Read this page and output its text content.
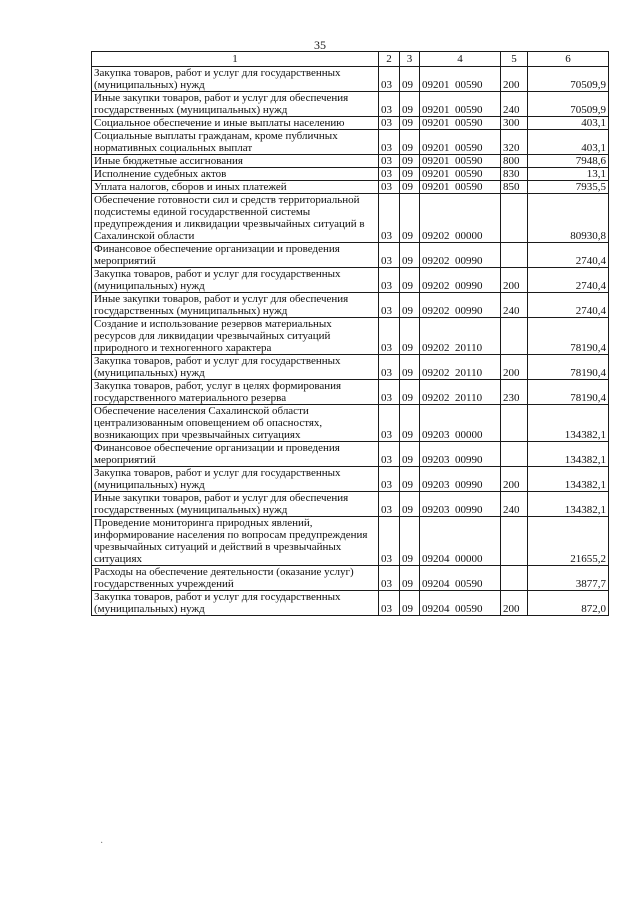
35
1	2	3	4	5	6
Закупка товаров, работ и услуг для государственных (муниципальных) нужд	03	09	09201  00590	200	70509,9
Иные закупки товаров, работ и услуг для обеспечения государственных (муниципальных) нужд	03	09	09201  00590	240	70509,9
Социальное обеспечение и иные выплаты населению	03	09	09201  00590	300	403,1
Социальные выплаты гражданам, кроме публичных нормативных социальных выплат	03	09	09201  00590	320	403,1
Иные бюджетные ассигнования	03	09	09201  00590	800	7948,6
Исполнение судебных актов	03	09	09201  00590	830	13,1
Уплата налогов, сборов и иных платежей	03	09	09201  00590	850	7935,5
Обеспечение готовности сил и средств территориальной подсистемы единой государственной системы предупреждения и ликвидации чрезвычайных ситуаций в Сахалинской области	03	09	09202  00000		80930,8
Финансовое обеспечение организации и проведения мероприятий	03	09	09202  00990		2740,4
Закупка товаров, работ и услуг для государственных (муниципальных) нужд	03	09	09202  00990	200	2740,4
Иные закупки товаров, работ и услуг для обеспечения государственных (муниципальных) нужд	03	09	09202  00990	240	2740,4
Создание и использование резервов материальных ресурсов для ликвидации чрезвычайных ситуаций природного и техногенного характера	03	09	09202  20110		78190,4
Закупка товаров, работ и услуг для государственных (муниципальных) нужд	03	09	09202  20110	200	78190,4
Закупка товаров, работ, услуг в целях формирования государственного материального резерва	03	09	09202  20110	230	78190,4
Обеспечение населения Сахалинской области централизованным оповещением об опасностях, возникающих при чрезвычайных ситуациях	03	09	09203  00000		134382,1
Финансовое обеспечение организации и проведения мероприятий	03	09	09203  00990		134382,1
Закупка товаров, работ и услуг для государственных (муниципальных) нужд	03	09	09203  00990	200	134382,1
Иные закупки товаров, работ и услуг для обеспечения государственных (муниципальных) нужд	03	09	09203  00990	240	134382,1
Проведение мониторинга природных явлений, информирование населения по вопросам предупреждения чрезвычайных ситуаций и действий в чрезвычайных ситуациях	03	09	09204  00000		21655,2
Расходы на обеспечение деятельности (оказание услуг) государственных учреждений	03	09	09204  00590		3877,7
Закупка товаров, работ и услуг для государственных (муниципальных) нужд	03	09	09204  00590	200	872,0
·
